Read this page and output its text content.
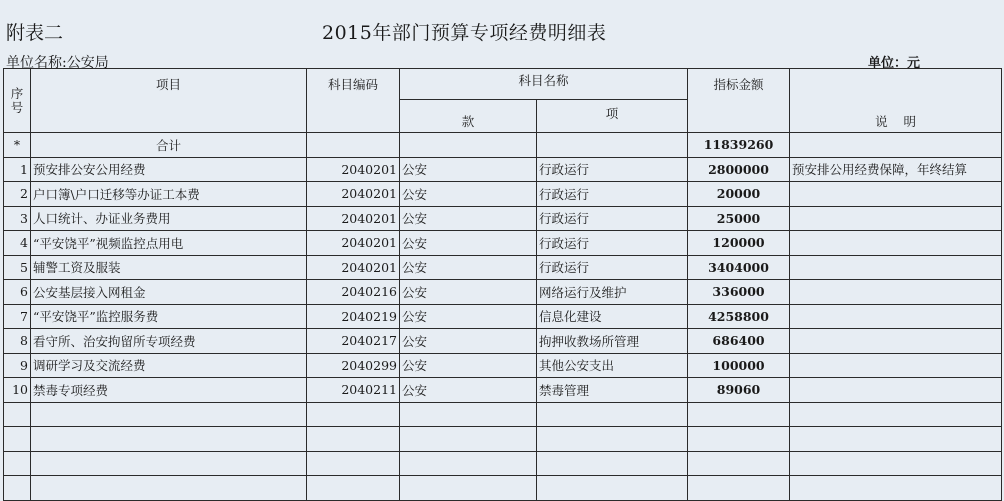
附表二	2015年部门预算专项经费明细表
单位名称:公安局	单位：元
序
号	项目	科目编码	科目名称		指标金额	说    明
			款	项		
*	合计				11839260	
1	预安排公安公用经费	2040201	公安	行政运行	2800000	预安排公用经费保障，年终结算
2	户口簿\户口迁移等办证工本费	2040201	公安	行政运行	20000	
3	人口统计、办证业务费用	2040201	公安	行政运行	25000	
4	“平安饶平”视频监控点用电	2040201	公安	行政运行	120000	
5	辅警工资及服装	2040201	公安	行政运行	3404000	
6	公安基层接入网租金	2040216	公安	网络运行及维护	336000	
7	“平安饶平”监控服务费	2040219	公安	信息化建设	4258800	
8	看守所、治安拘留所专项经费	2040217	公安	拘押收教场所管理	686400	
9	调研学习及交流经费	2040299	公安	其他公安支出	100000	
10	禁毒专项经费	2040211	公安	禁毒管理	89060	
